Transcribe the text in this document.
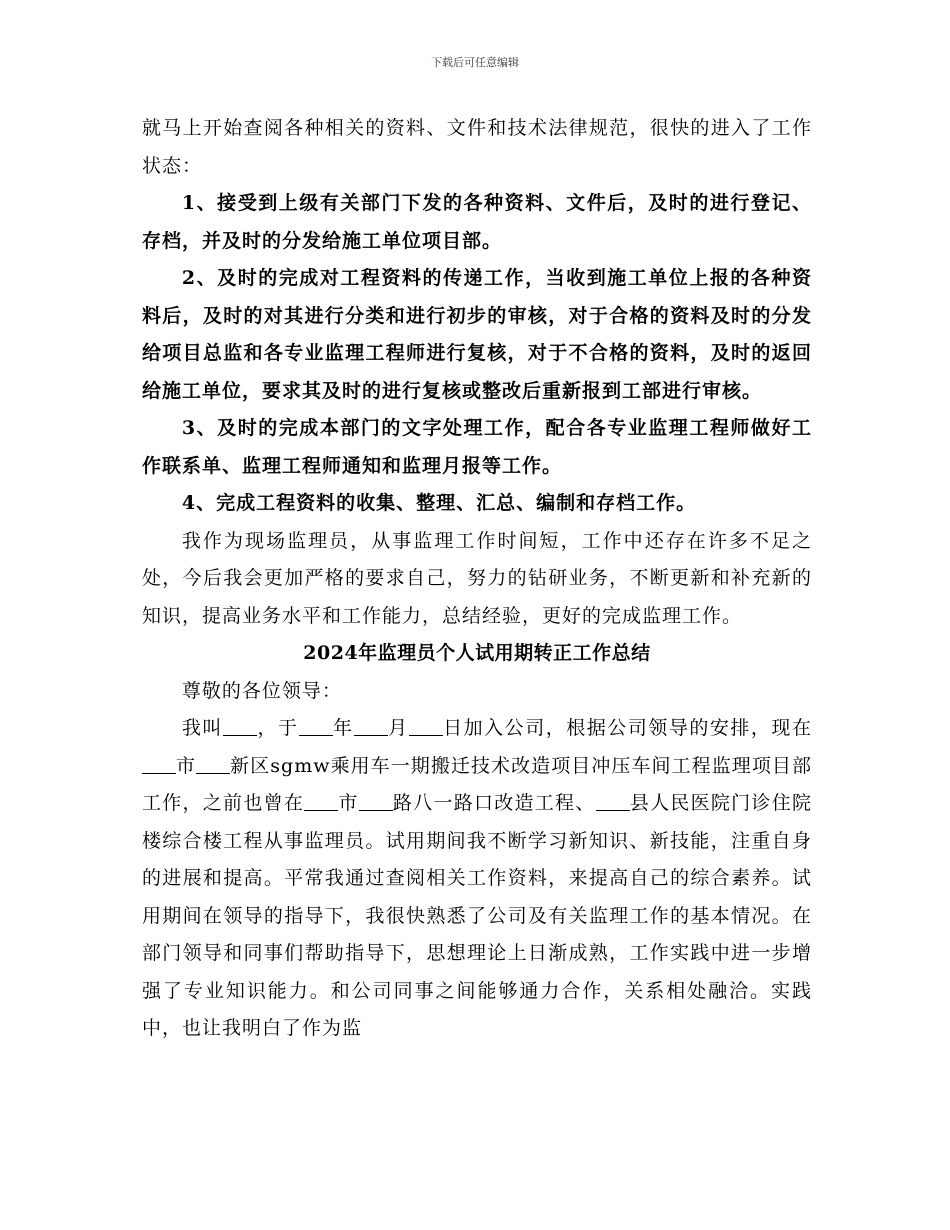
下载后可任意编辑

就马上开始查阅各种相关的资料、文件和技术法律规范，很快的进入了工作状态：

1、接受到上级有关部门下发的各种资料、文件后，及时的进行登记、存档，并及时的分发给施工单位项目部。

2、及时的完成对工程资料的传递工作，当收到施工单位上报的各种资料后，及时的对其进行分类和进行初步的审核，对于合格的资料及时的分发给项目总监和各专业监理工程师进行复核，对于不合格的资料，及时的返回给施工单位，要求其及时的进行复核或整改后重新报到工部进行审核。

3、及时的完成本部门的文字处理工作，配合各专业监理工程师做好工作联系单、监理工程师通知和监理月报等工作。

4、完成工程资料的收集、整理、汇总、编制和存档工作。

我作为现场监理员，从事监理工作时间短，工作中还存在许多不足之处，今后我会更加严格的要求自己，努力的钻研业务，不断更新和补充新的知识，提高业务水平和工作能力，总结经验，更好的完成监理工作。

2024年监理员个人试用期转正工作总结

尊敬的各位领导：

我叫 ，于 年 月 日加入公司，根据公司领导的安排，现在市 新区sgmw乘用车一期搬迁技术改造项目冲压车间工程监理项目部工作，之前也曾在 市 路八一路口改造工程、 县人民医院门诊住院楼综合楼工程从事监理员。试用期间我不断学习新知识、新技能，注重自身的进展和提高。平常我通过查阅相关工作资料，来提高自己的综合素养。试用期间在领导的指导下，我很快熟悉了公司及有关监理工作的基本情况。在部门领导和同事们帮助指导下，思想理论上日渐成熟，工作实践中进一步增强了专业知识能力。和公司同事之间能够通力合作，关系相处融洽。实践中，也让我明白了作为监
